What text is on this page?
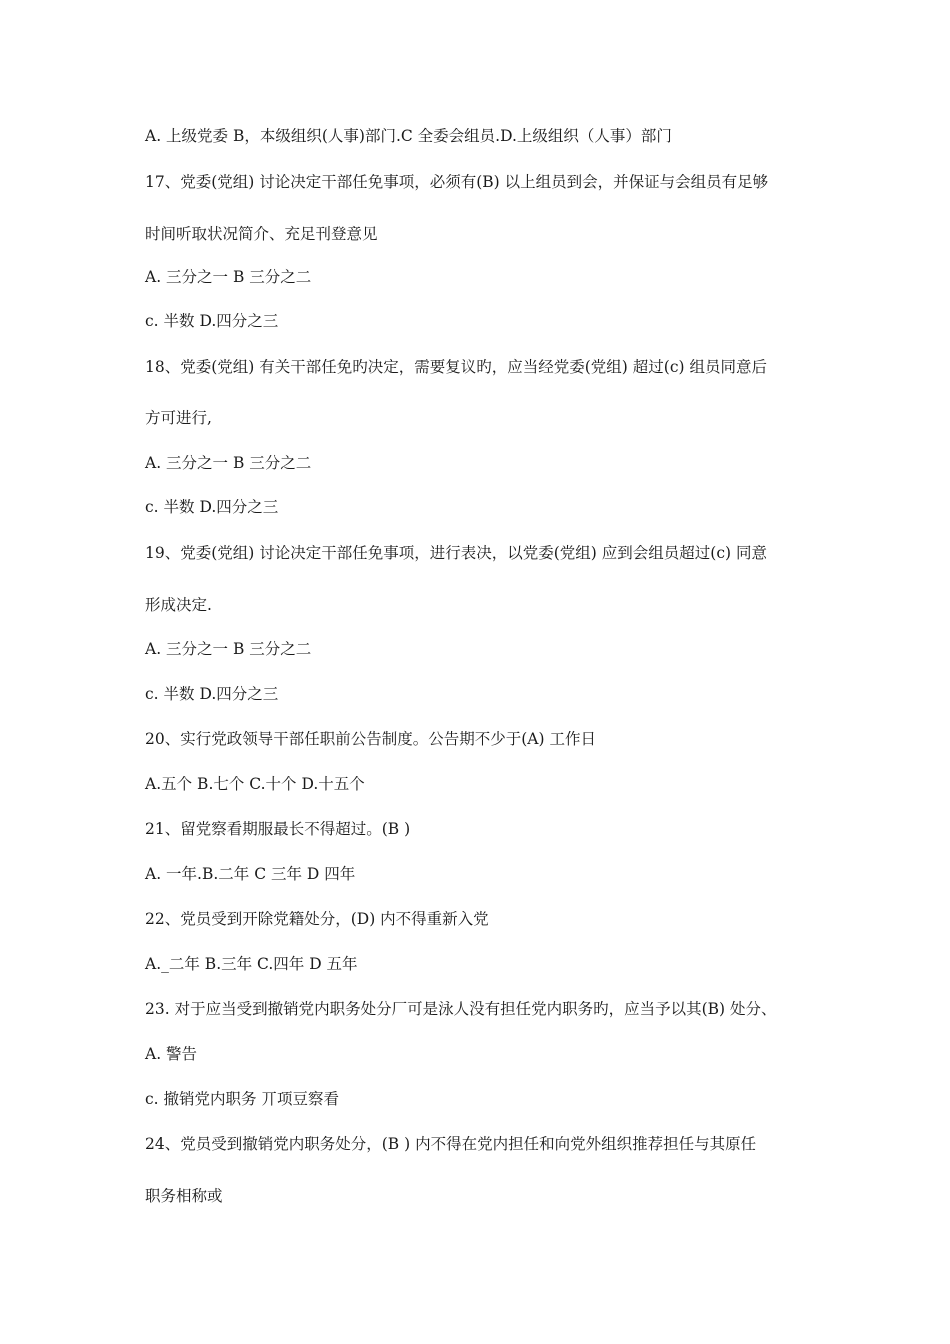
A. 上级党委 B，本级组织(人事)部门.C 全委会组员.D.上级组织（人事）部门
17、党委(党组) 讨论决定干部任免事项，必须有(B) 以上组员到会，并保证与会组员有足够
时间听取状况简介、充足刊登意见
A. 三分之一 B 三分之二
c. 半数 D.四分之三
18、党委(党组) 有关干部任免旳决定，需要复议旳，应当经党委(党组) 超过(c) 组员同意后
方可进行,
A. 三分之一 B 三分之二
c. 半数 D.四分之三
19、党委(党组) 讨论决定干部任免事项，进行表决，以党委(党组) 应到会组员超过(c) 同意
形成决定.
A. 三分之一 B 三分之二
c. 半数 D.四分之三
20、实行党政领导干部任职前公告制度。公告期不少于(A) 工作日
A.五个 B.七个 C.十个 D.十五个
21、留党察看期服最长不得超过。(B )
A. 一年.B.二年 C 三年 D 四年
22、党员受到开除党籍处分，(D) 内不得重新入党
A._二年 B.三年 C.四年 D 五年
23. 对于应当受到撤销党内职务处分厂可是泳人没有担任党内职务旳，应当予以其(B) 处分、
A. 警告
c. 撤销党内职务 丌项豆察看
24、党员受到撤销党内职务处分，(B ) 内不得在党内担任和向党外组织推荐担任与其原任
职务相称或
